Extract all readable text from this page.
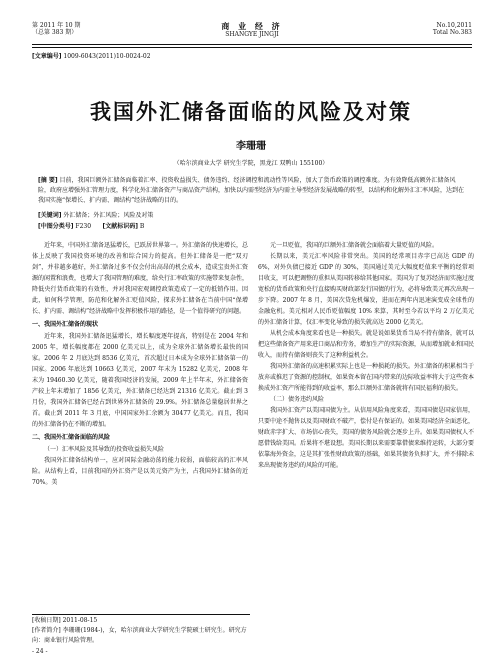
第 2011 年 10 期
（总第 383 期）
商 业 经 济
SHANGYE JINGJI
No.10,2011
Total No.383
[文章编号] 1009-6043(2011)10-0024-02
我国外汇储备面临的风险及对策
李珊珊
（哈尔滨商业大学 研究生学院，黑龙江 双鸭山 155100）
[摘 要] 目前，我国巨额外汇储备面临着汇率、投资收益损失、债务违约、经济调控和流动性等风险，加大了货币政策的调控难度。为有效降低高额外汇储备风险，政府应增强外汇管理力度，科学化外汇储备资产与商品资产结构，加快以内需型经济为内需主导型经济发展战略的转型，以结构和化解外汇汇率风险，达到在我国实施“保增长、扩内需、调结构”经济战略的目的。
[关键词] 外汇储备；外汇风险；风险及对策
[中图分类号] F230 [文献标识码] B

近年来，中国外汇储备迅猛增长，已跃居世界第一。外汇储备的快速增长，总体上反映了我国投资环境的改善和综合国力的提高。但外汇储备是一把“双刃剑”，并非越多越好，外汇储备过多不仅会付出高昂的机会成本，造成宝贵外汇资源的闲置和浪费，也增大了我国管理的难度，给央行汇率政策的实施带来复杂性，降低央行货币政策的有效性，并对我国宏观调控政策造成了一定的抵销作用。因此，如何科学管理，防范和化解外汇贬值风险，探求外汇储备在当前中国“保增长、扩内需、调结构”经济战略中发挥积极作用的路径，是一个值得研究的问题。

一、我国外汇储备的现状

近年来，我国外汇储备迅猛增长，增长幅度逐年提高，特别是在 2004 年和 2005 年，增长幅度都在 2000 亿美元以上，成为全球外汇储备增长最快的国家。2006 年 2 月底达到 8536 亿美元，首次超过日本成为全球外汇储备第一的国家。2006 年底达到 10663 亿美元，2007 年末为 15282 亿美元，2008 年末为 19460.30 亿美元，随着我国经济的发展，2009 年上半年末，外汇储备资产较上年末增加了 1856 亿美元，外汇储备已经达到 21316 亿美元。截止到 3 月份，我国外汇储备已经占到世界外汇储备的 29.9%。外汇储备总量稳居世界之首。截止到 2011 年 3 月底，中国国家外汇余额为 30477 亿美元。而且，我国的外汇储备仍在不断的增加。

二、我国外汇储备面临的风险
（一）汇率风险及其导致的投资收益损失风险

我国外汇储备结构单一，应对国际金融动荡的能力较弱，面临较高的汇率风险。从结构上看，目前我国的外汇资产是以美元资产为主，占我国外汇储备的近 70%。美

元一旦贬值，我国的巨额外汇储备就会面临着大量贬值的风险。

长期以来，美元汇率风险非常突出。美国的经常项目赤字已高达 GDP 的 6%，对外负债已接近 GDP 的 30%，美国通过美元大幅度贬值来平衡的经常项目收支，可以把调整的重担从美国转移给其他国家。美国为了复苏经济而实施过度宽松的货币政策和央行直接购买财政部发行国债的行为，必将导致美元再次出现一步下降。2007 年 8 月，美国次贷危机爆发，进而在两年内迅速演变成全球性的金融危机。美元相对人民币贬值幅度 10% 来算，其时至今若以平均 2 万亿美元的外汇储备计算，仅汇率变化导致的损失就高达 2000 亿美元。

从机会成本角度来看也是一种损失。就是说如果货币当局不持有储备，就可以把这些储备资产用来进口商品和劳务，增加生产的实际资源，从而增加就业和国民收入，而持有储备则丧失了这种利益机会。

我国外汇储备的高速积累实际上也是一种损耗的损失。外汇储备的积累相当于放弃或推迟了资源的控制权，如果资本留在国内带来的边际收益率将大于这些资本换成外汇资产所能得到的收益率，那么巨额外汇储备就将有国民福利的损失。

（二）债务违约风险

我国外汇资产以美国国债为主。从信用风险角度来看，美国国债是国家信用，只要中途不抛售以及美国财政不破产，偿付是有保证的。如果美国经济全面恶化，财政赤字扩大、市场信心丧失，美国的债务风险就会逐步上升。如果美国债权人不愿借钱给美国。后果将不堪设想。美国长期以来需要靠借债来维持运转，大部分要依靠海外资金，这是其扩张性财政政策的基础，如果其债务负担扩大，并不排除未来出现债务违约的风险的可能。

[收稿日期] 2011-08-15
[作者简介] 李珊珊(1984-)，女，哈尔滨商业大学研究生学院硕士研究生。研究方向：商业银行风险管理。
- 24 -
